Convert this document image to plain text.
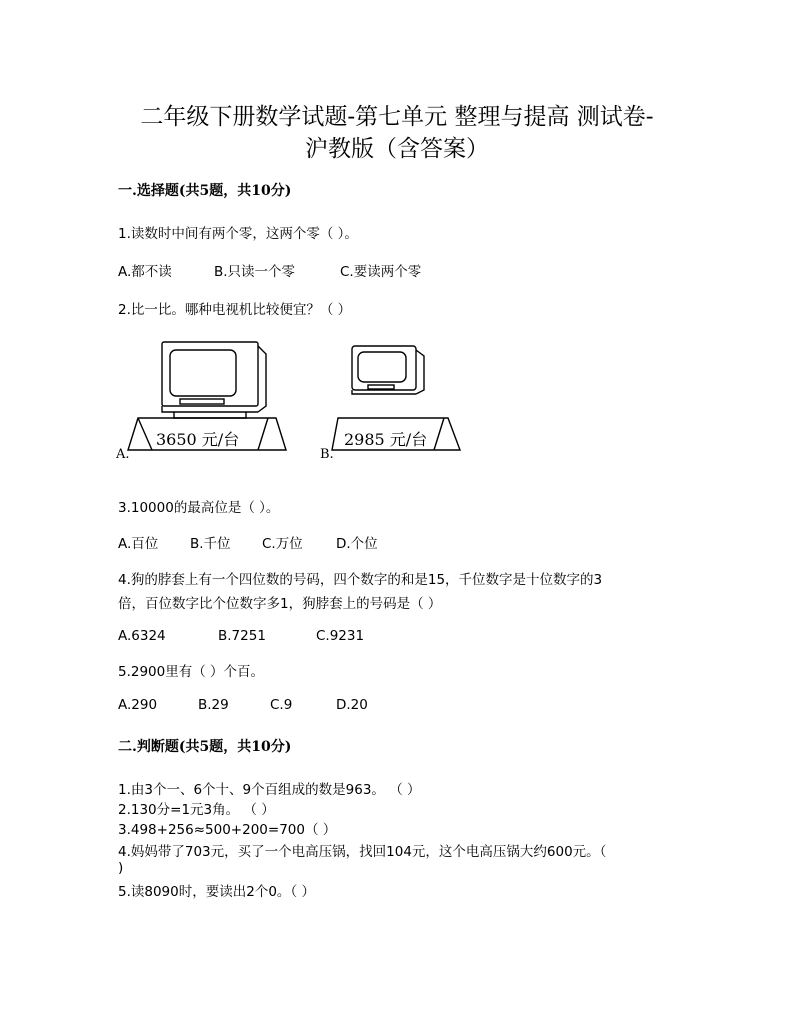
二年级下册数学试题-第七单元 整理与提高 测试卷-
沪教版（含答案）
一.选择题(共5题，共10分)
1.读数时中间有两个零，这两个零（ ）。
A.都不读	B.只读一个零	C.要读两个零
2.比一比。哪种电视机比较便宜？（ ）
3650 元/台
A.
2985 元/台
B.
3.10000的最高位是（ ）。
A.百位 B.千位 C.万位 D.个位
4.狗的脖套上有一个四位数的号码，四个数字的和是15，千位数字是十位数字的3
倍，百位数字比个位数字多1，狗脖套上的号码是（ ）
A.6324	B.7251	C.9231
5.2900里有（ ）个百。
A.290	B.29	C.9	D.20
二.判断题(共5题，共10分)
1.由3个一、6个十、9个百组成的数是963。 （ ）
2.130分=1元3角。 （ ）
3.498+256≈500+200=700（ ）
4.妈妈带了703元，买了一个电高压锅，找回104元，这个电高压锅大约600元。（
)
5.读8090时，要读出2个0。（ ）
